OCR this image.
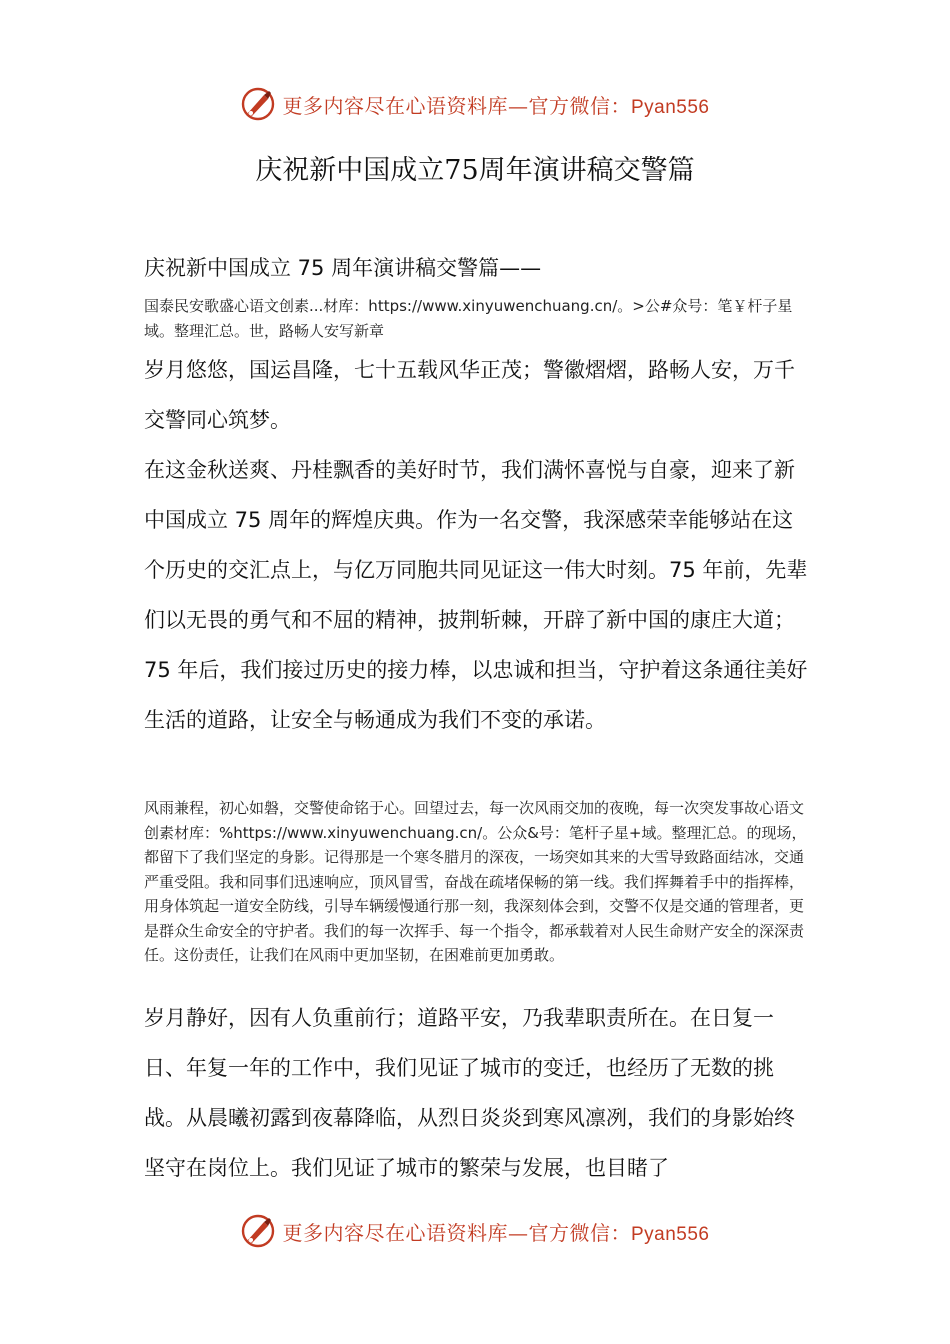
更多内容尽在心语资料库—官方微信：Pyan556
庆祝新中国成立75周年演讲稿交警篇
庆祝新中国成立 75 周年演讲稿交警篇——
国泰民安歌盛心语文创素...材库：https://www.xinyuwenchuang.cn/。>公#众号：笔￥杆子星域。整理汇总。世，路畅人安写新章
岁月悠悠，国运昌隆，七十五载风华正茂；警徽熠熠，路畅人安，万千交警同心筑梦。
在这金秋送爽、丹桂飘香的美好时节，我们满怀喜悦与自豪，迎来了新中国成立 75 周年的辉煌庆典。作为一名交警，我深感荣幸能够站在这个历史的交汇点上，与亿万同胞共同见证这一伟大时刻。75 年前，先辈们以无畏的勇气和不屈的精神，披荆斩棘，开辟了新中国的康庄大道；75 年后，我们接过历史的接力棒，以忠诚和担当，守护着这条通往美好生活的道路，让安全与畅通成为我们不变的承诺。
风雨兼程，初心如磐，交警使命铭于心。回望过去，每一次风雨交加的夜晚，每一次突发事故心语文创素材库：%https://www.xinyuwenchuang.cn/。公众&号：笔杆子星+域。整理汇总。的现场，都留下了我们坚定的身影。记得那是一个寒冬腊月的深夜，一场突如其来的大雪导致路面结冰，交通严重受阻。我和同事们迅速响应，顶风冒雪，奋战在疏堵保畅的第一线。我们挥舞着手中的指挥棒，用身体筑起一道安全防线，引导车辆缓慢通行那一刻，我深刻体会到，交警不仅是交通的管理者，更是群众生命安全的守护者。我们的每一次挥手、每一个指令，都承载着对人民生命财产安全的深深责任。这份责任，让我们在风雨中更加坚韧，在困难前更加勇敢。
岁月静好，因有人负重前行；道路平安，乃我辈职责所在。在日复一日、年复一年的工作中，我们见证了城市的变迁，也经历了无数的挑战。从晨曦初露到夜幕降临，从烈日炎炎到寒风凛冽，我们的身影始终坚守在岗位上。我们见证了城市的繁荣与发展，也目睹了
更多内容尽在心语资料库—官方微信：Pyan556
